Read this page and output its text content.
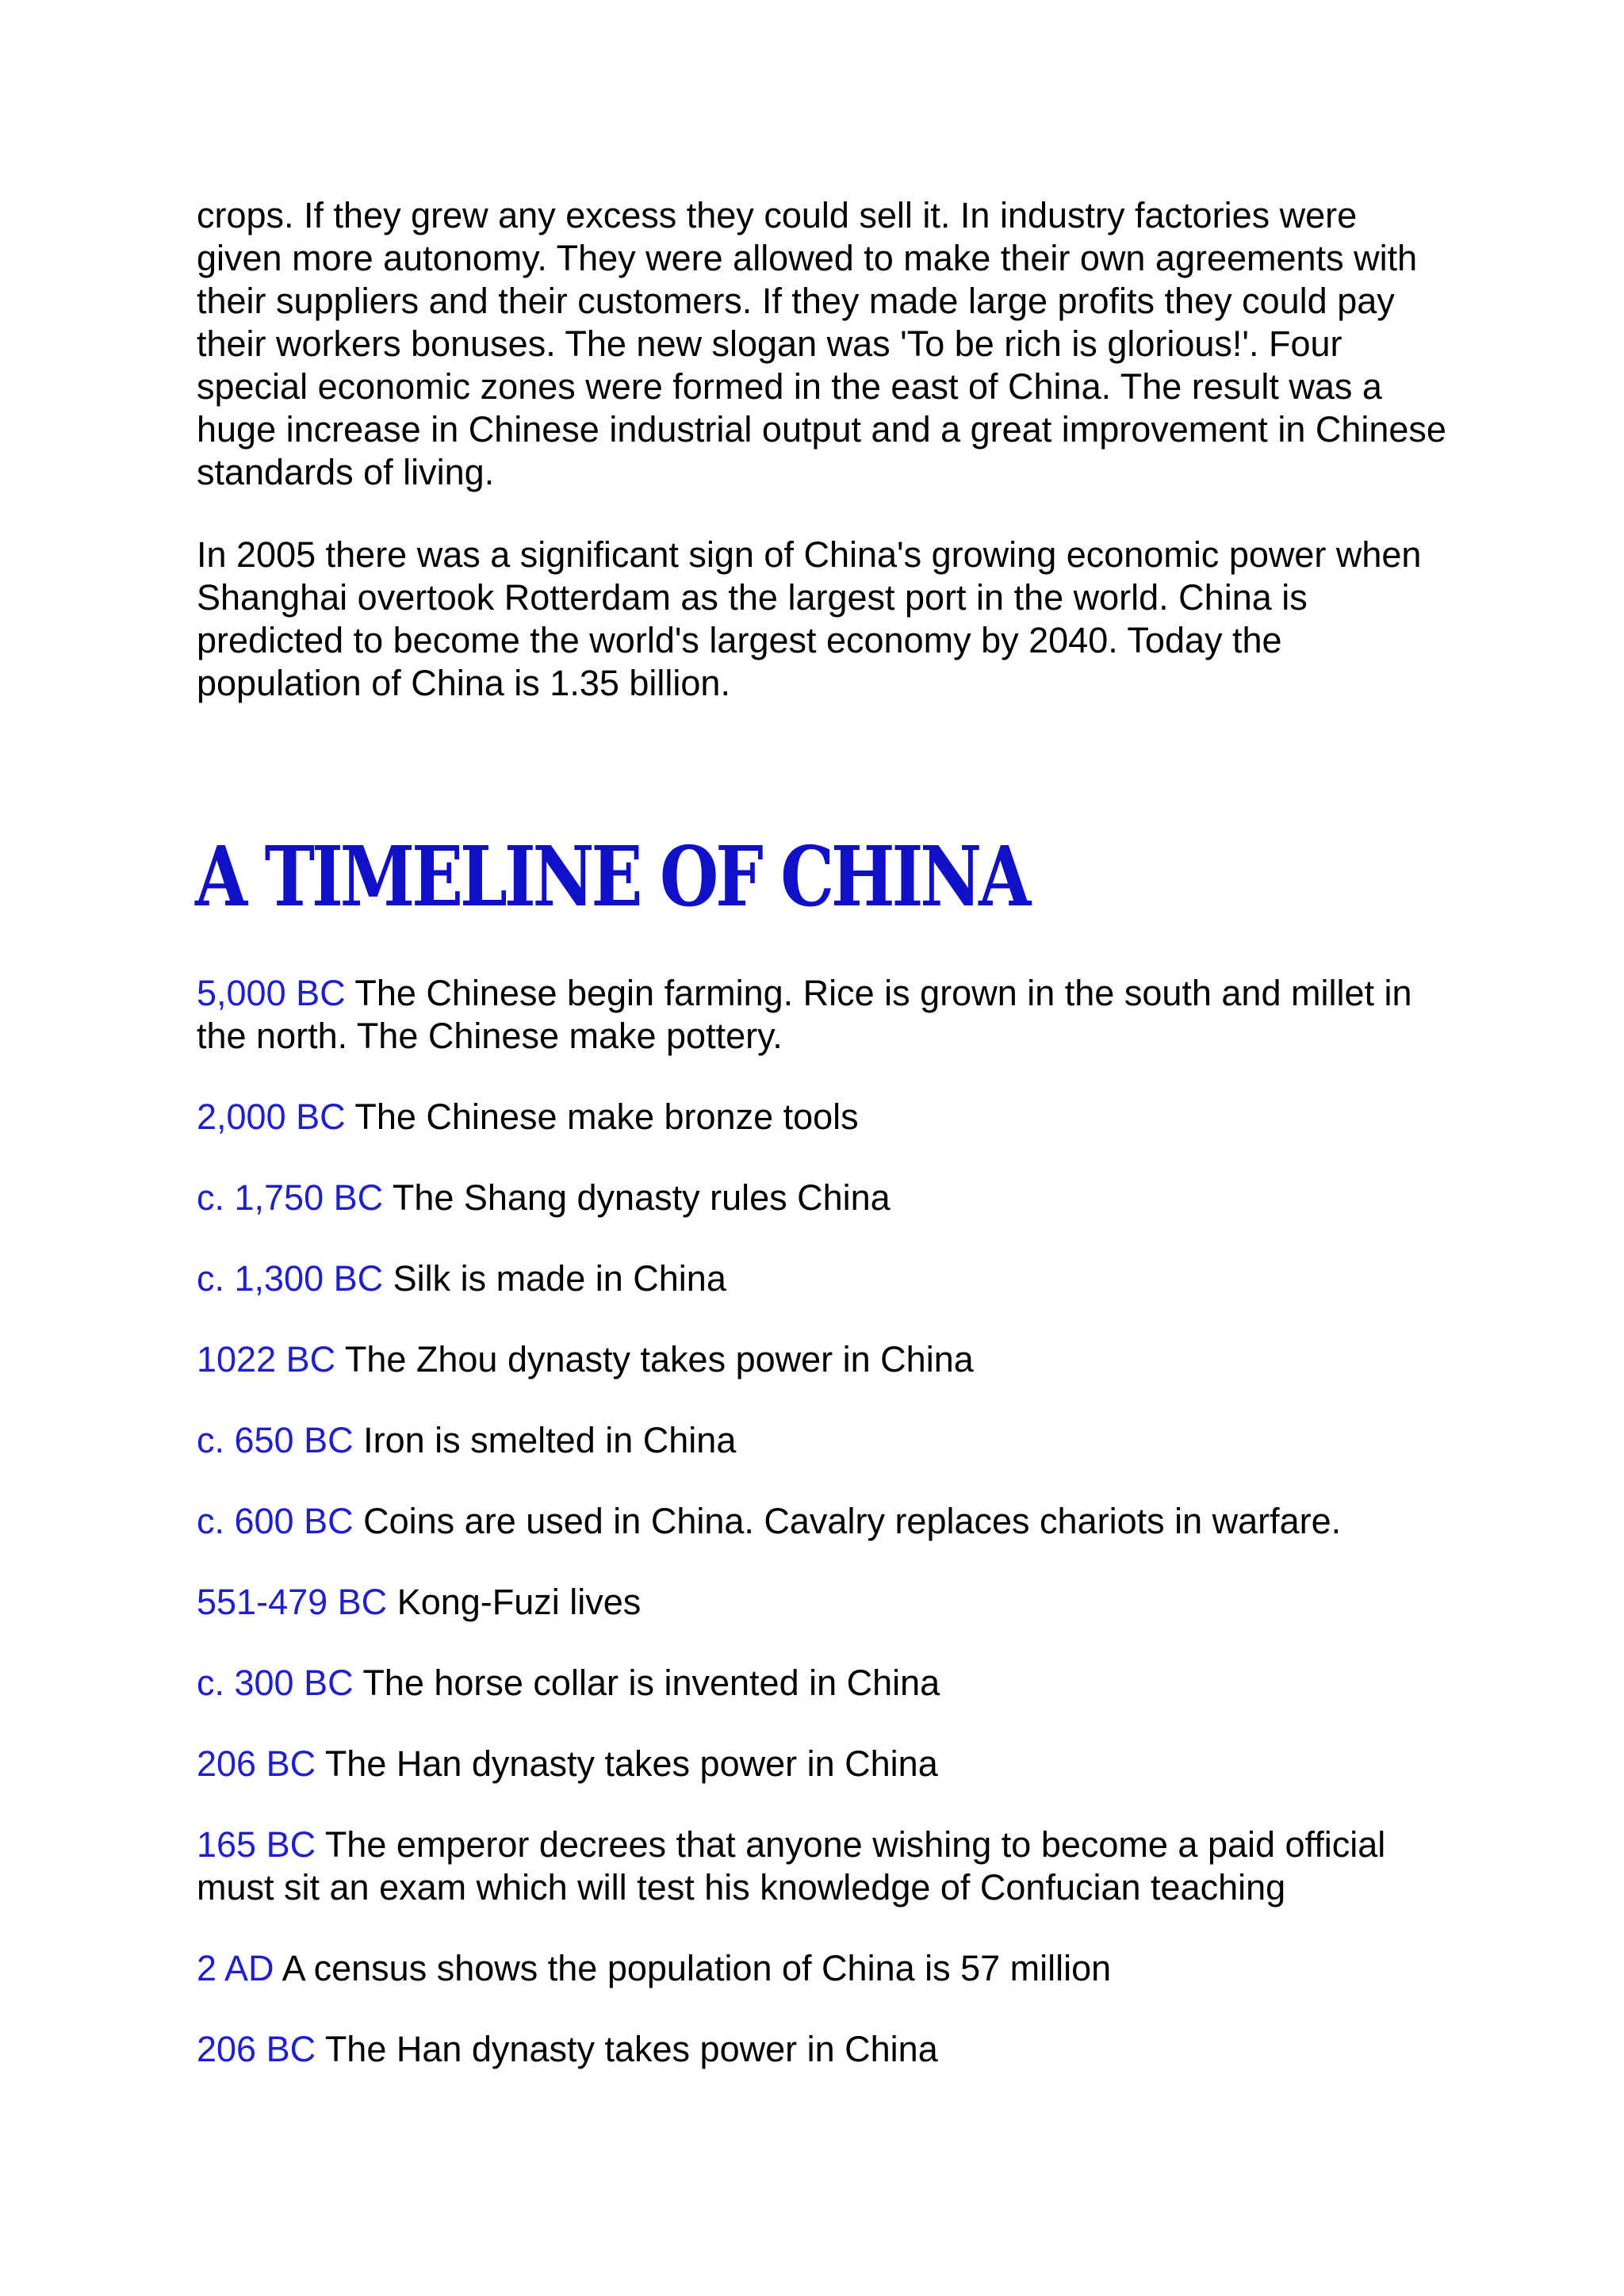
crops. If they grew any excess they could sell it. In industry factories were given more autonomy. They were allowed to make their own agreements with their suppliers and their customers. If they made large profits they could pay their workers bonuses. The new slogan was 'To be rich is glorious!'. Four special economic zones were formed in the east of China. The result was a huge increase in Chinese industrial output and a great improvement in Chinese standards of living.

In 2005 there was a significant sign of China's growing economic power when Shanghai overtook Rotterdam as the largest port in the world. China is predicted to become the world's largest economy by 2040. Today the population of China is 1.35 billion.

A TIMELINE OF CHINA
5,000 BC The Chinese begin farming. Rice is grown in the south and millet in the north. The Chinese make pottery.
2,000 BC The Chinese make bronze tools
c. 1,750 BC The Shang dynasty rules China
c. 1,300 BC Silk is made in China
1022 BC The Zhou dynasty takes power in China
c. 650 BC Iron is smelted in China
c. 600 BC Coins are used in China. Cavalry replaces chariots in warfare.
551-479 BC Kong-Fuzi lives
c. 300 BC The horse collar is invented in China
206 BC The Han dynasty takes power in China
165 BC The emperor decrees that anyone wishing to become a paid official must sit an exam which will test his knowledge of Confucian teaching
2 AD A census shows the population of China is 57 million
206 BC The Han dynasty takes power in China
